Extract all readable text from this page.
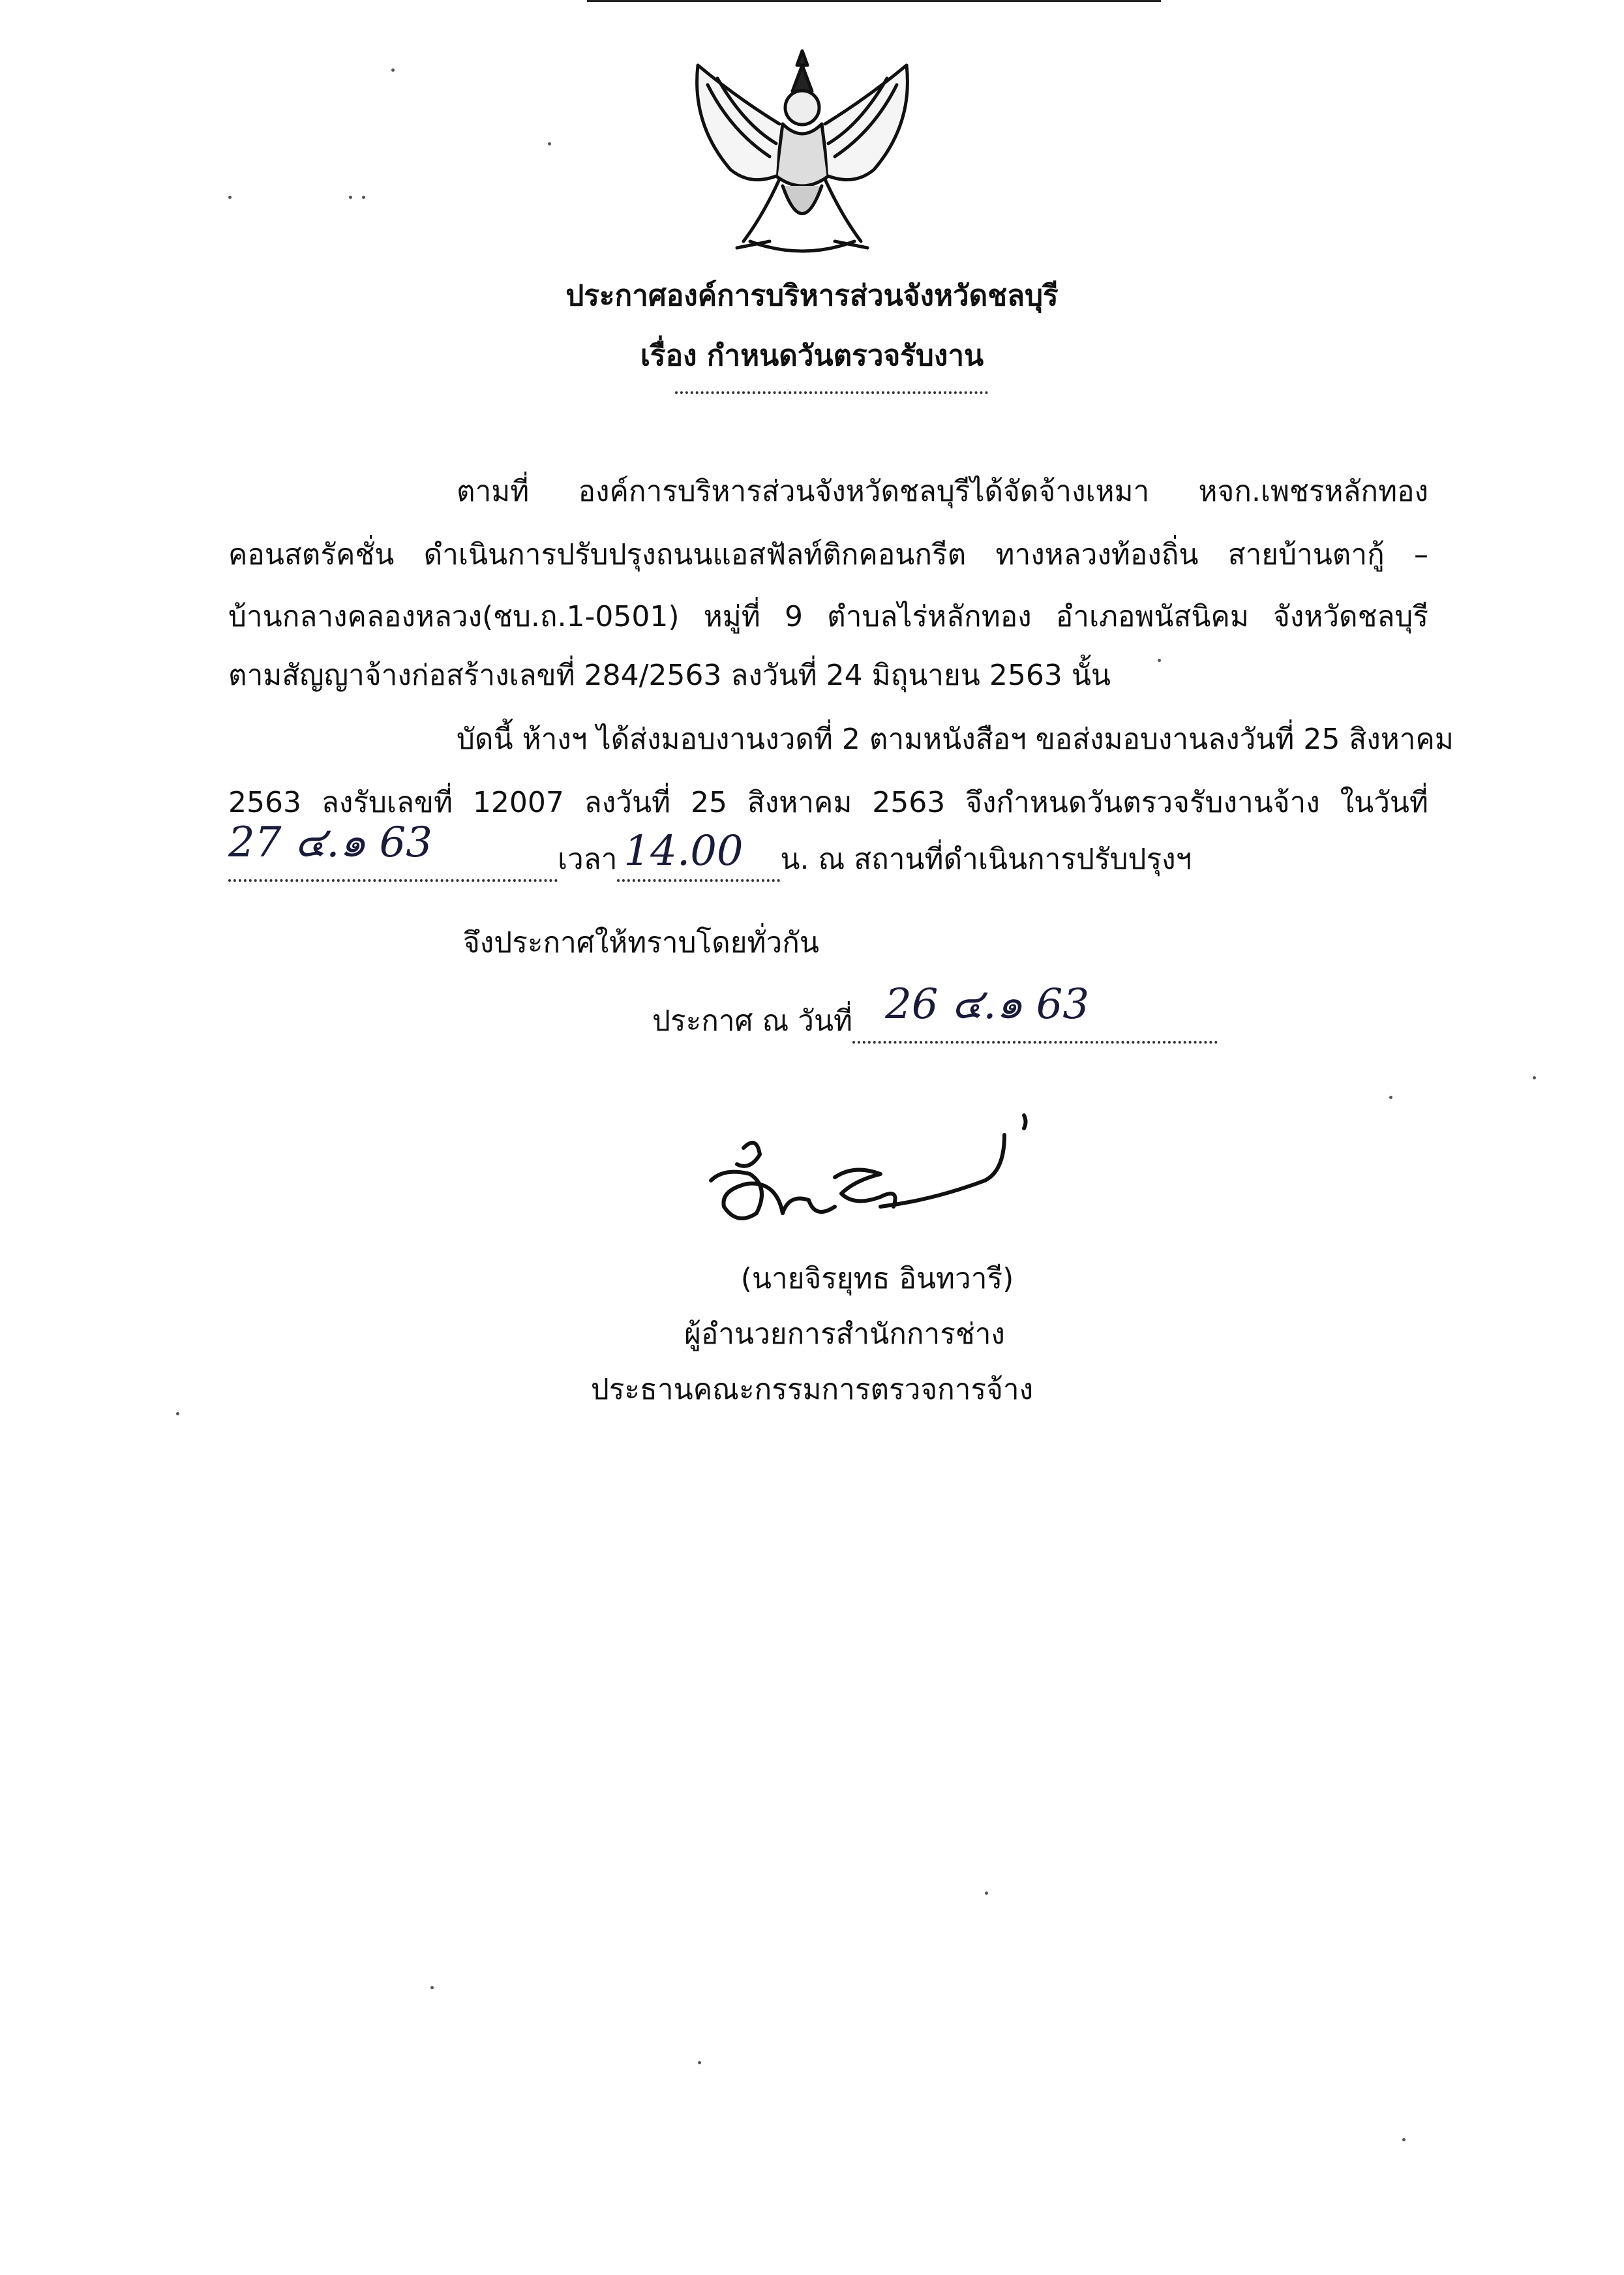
ประกาศองค์การบริหารส่วนจังหวัดชลบุรี
เรื่อง กำหนดวันตรวจรับงาน
ตามที่ องค์การบริหารส่วนจังหวัดชลบุรีได้จัดจ้างเหมา หจก.เพชรหลักทอง
คอนสตรัคชั่น ดำเนินการปรับปรุงถนนแอสฟัลท์ติกคอนกรีต ทางหลวงท้องถิ่น สายบ้านตากู้ –
บ้านกลางคลองหลวง(ชบ.ถ.1-0501) หมู่ที่ 9 ตำบลไร่หลักทอง อำเภอพนัสนิคม จังหวัดชลบุรี
ตามสัญญาจ้างก่อสร้างเลขที่ 284/2563 ลงวันที่ 24 มิถุนายน 2563 นั้น
บัดนี้ ห้างฯ ได้ส่งมอบงานงวดที่ 2 ตามหนังสือฯ ขอส่งมอบงานลงวันที่ 25 สิงหาคม
2563 ลงรับเลขที่ 12007 ลงวันที่ 25 สิงหาคม 2563 จึงกำหนดวันตรวจรับงานจ้าง ในวันที่
27 ๔.๑ 63	เวลา 14.00 น. ณ สถานที่ดำเนินการปรับปรุงฯ
จึงประกาศให้ทราบโดยทั่วกัน
ประกาศ ณ วันที่ 26 ๔.๑ 63
(นายจิรยุทธ อินทวารี)
ผู้อำนวยการสำนักการช่าง
ประธานคณะกรรมการตรวจการจ้าง
